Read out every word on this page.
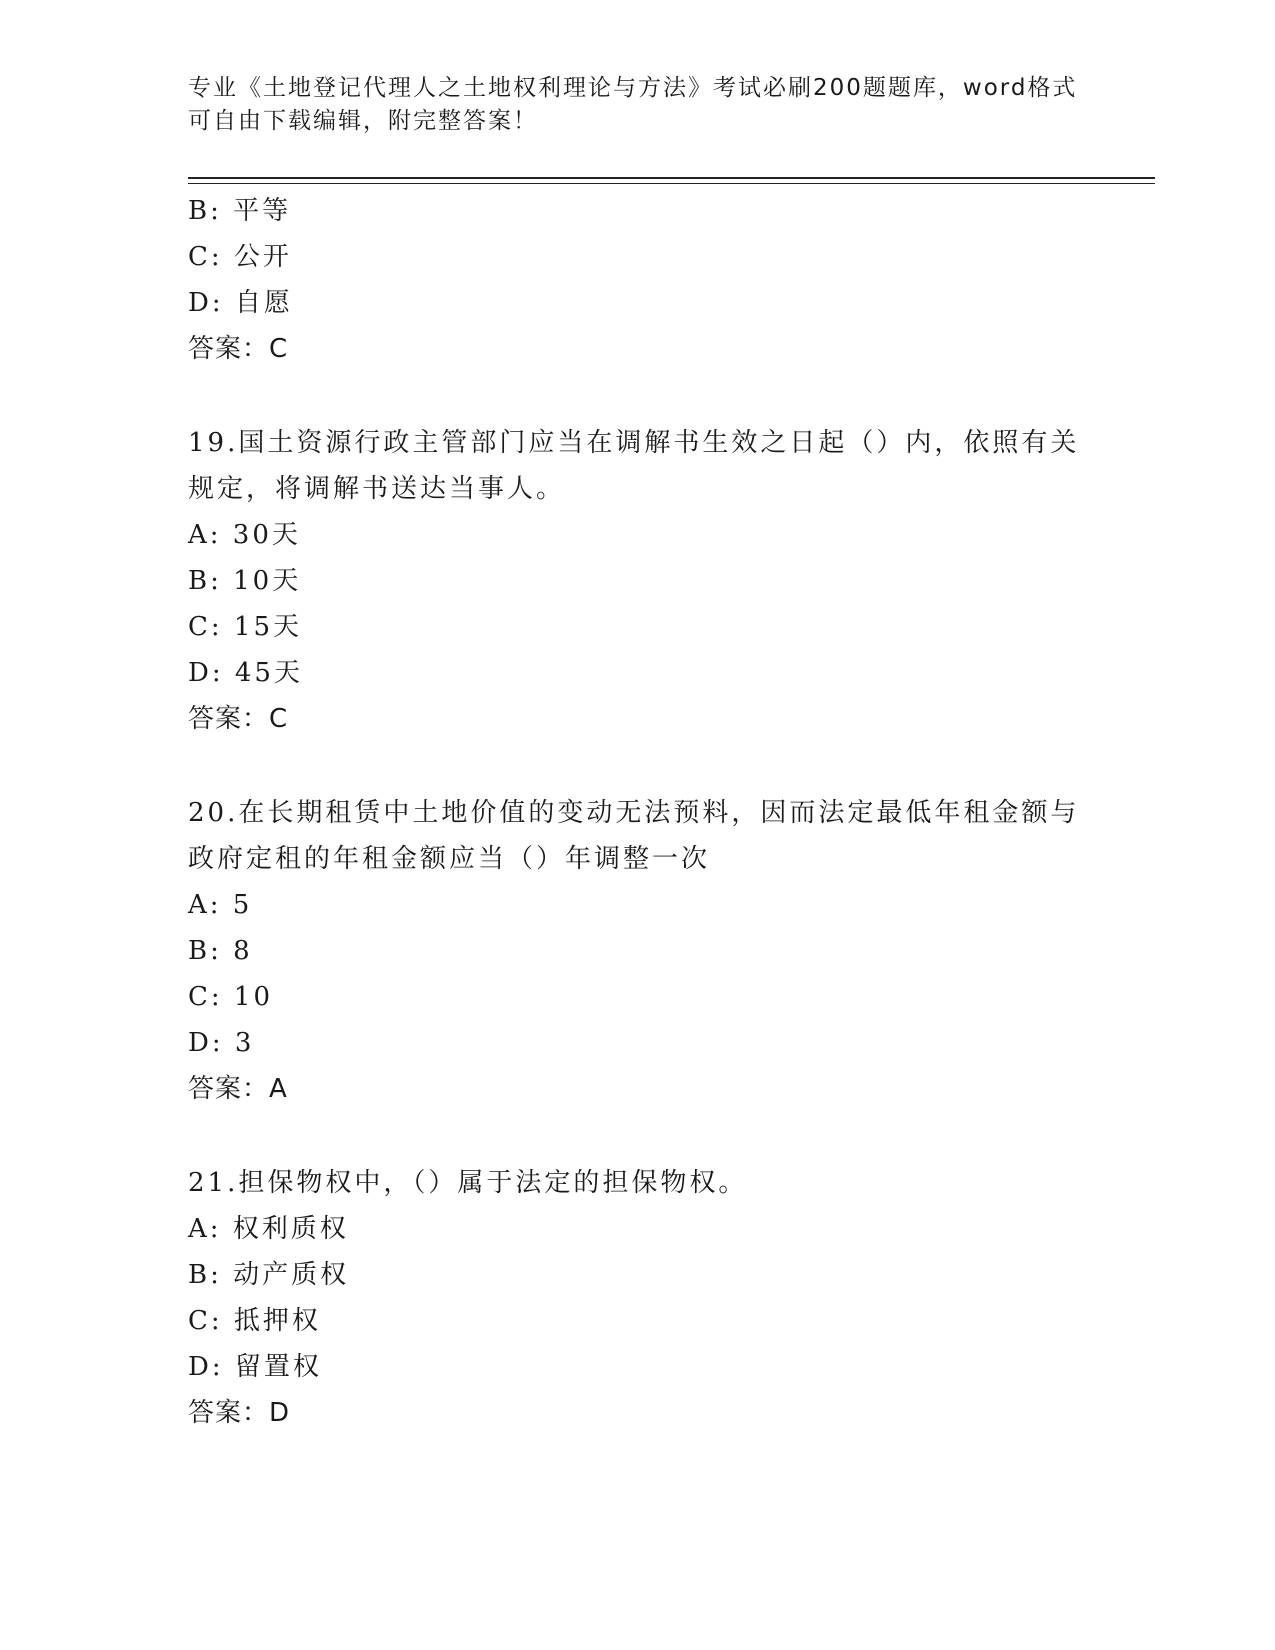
专业《土地登记代理人之土地权利理论与方法》考试必刷200题题库，word格式
可自由下载编辑，附完整答案！
B: 平等
C: 公开
D: 自愿
答案：C
19.国土资源行政主管部门应当在调解书生效之日起（）内，依照有关
规定，将调解书送达当事人。
A: 30天
B: 10天
C: 15天
D: 45天
答案：C
20.在长期租赁中土地价值的变动无法预料，因而法定最低年租金额与
政府定租的年租金额应当（）年调整一次
A: 5
B: 8
C: 10
D: 3
答案：A
21.担保物权中，（）属于法定的担保物权。
A: 权利质权
B: 动产质权
C: 抵押权
D: 留置权
答案：D
